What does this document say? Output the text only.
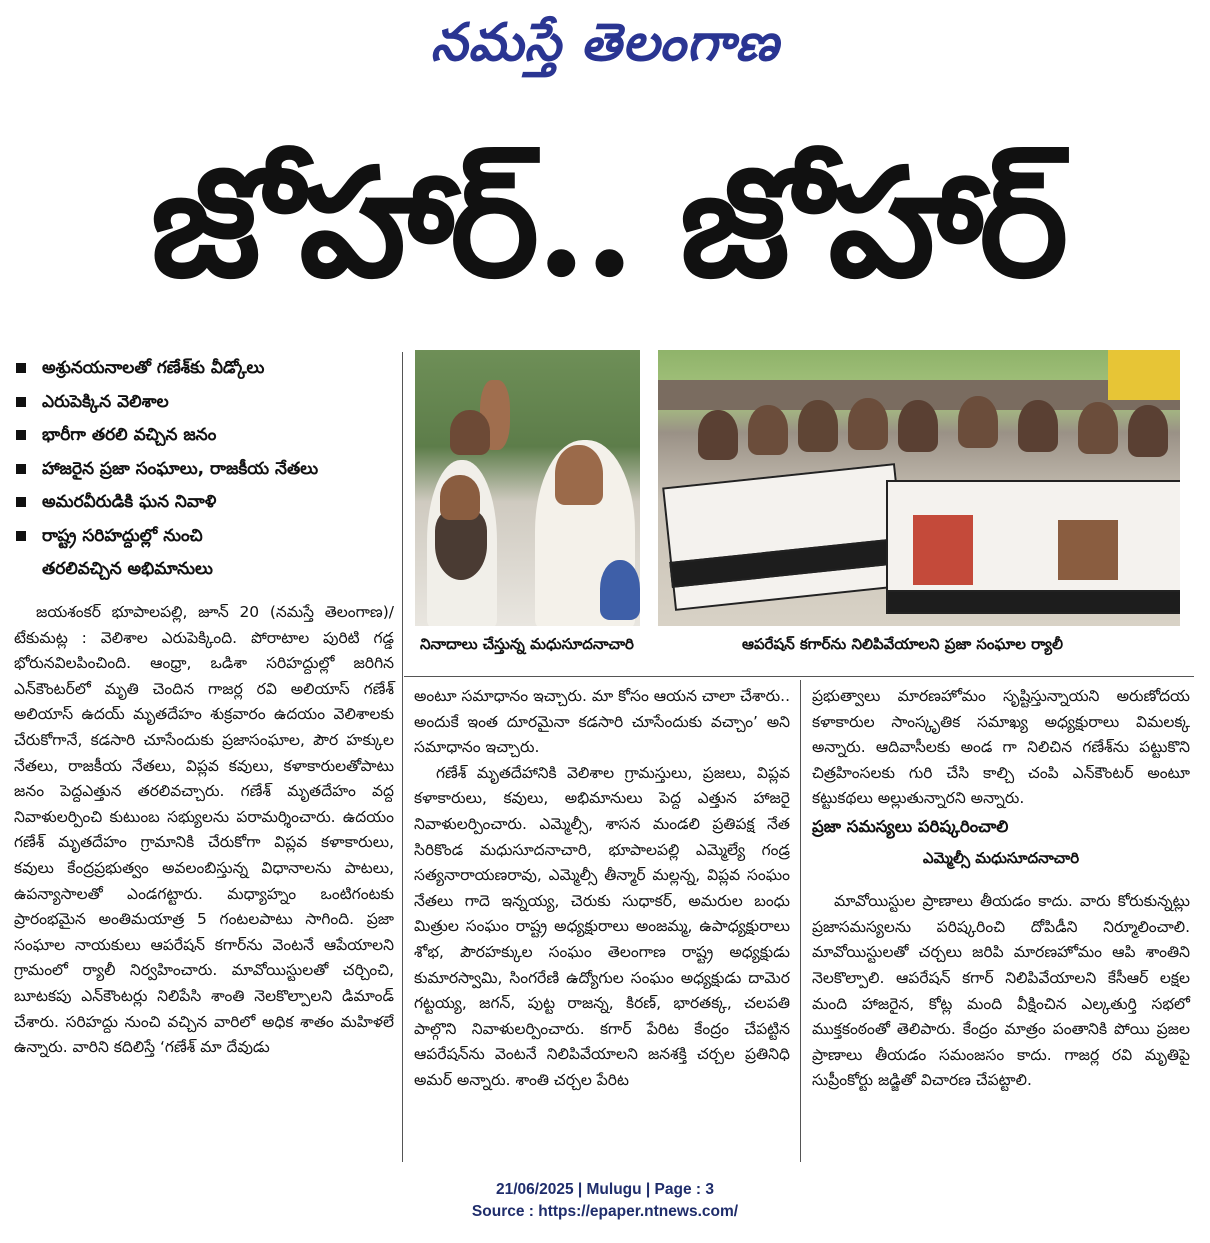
నమస్తే తెలంగాణ
జోహార్.. జోహార్
అశ్రునయనాలతో గణేశ్‌కు వీడ్కోలు
ఎరుపెక్కిన వెలిశాల
భారీగా తరలి వచ్చిన జనం
హాజరైన ప్రజా సంఘాలు, రాజకీయ నేతలు
అమరవీరుడికి ఘన నివాళి
రాష్ట్ర సరిహద్దుల్లో నుంచి
తరలివచ్చిన అభిమానులు
నినాదాలు చేస్తున్న మధుసూదనాచారి	ఆపరేషన్ కగార్‌ను నిలిపివేయాలని ప్రజా సంఘాల ర్యాలీ

జయశంకర్ భూపాలపల్లి, జూన్ 20 (నమస్తే తెలంగాణ)/టేకుమట్ల : వెలిశాల ఎరుపెక్కింది. పోరాటాల పురిటి గడ్డ భోరునవిలపించింది. ఆంధ్రా, ఒడిశా సరిహద్దుల్లో జరిగిన ఎన్‌కౌంటర్‌లో మృతి చెందిన గాజర్ల రవి అలియాస్ గణేశ్ అలియాస్ ఉదయ్ మృతదేహం శుక్రవారం ఉదయం వెలిశాలకు చేరుకోగానే, కడసారి చూసేందుకు ప్రజాసంఘాల, పౌర హక్కుల నేతలు, రాజకీయ నేతలు, విప్లవ కవులు, కళాకారులతోపాటు జనం పెద్దఎత్తున తరలివచ్చారు. గణేశ్ మృతదేహం వద్ద నివాళులర్పించి కుటుంబ సభ్యులను పరామర్శించారు. ఉదయం గణేశ్ మృతదేహం గ్రామానికి చేరుకోగా విప్లవ కళాకారులు, కవులు కేంద్రప్రభుత్వం అవలంబిస్తున్న విధానాలను పాటలు, ఉపన్యాసాలతో ఎండగట్టారు. మధ్యాహ్నం ఒంటిగంటకు ప్రారంభమైన అంతిమయాత్ర 5 గంటలపాటు సాగింది. ప్రజా సంఘాల నాయకులు ఆపరేషన్ కగార్‌ను వెంటనే ఆపేయాలని గ్రామంలో ర్యాలీ నిర్వహించారు. మావోయిస్టులతో చర్చించి, బూటకపు ఎన్‌కౌంటర్లు నిలిపేసి శాంతి నెలకొల్పాలని డిమాండ్ చేశారు. సరిహద్దు నుంచి వచ్చిన వారిలో అధిక శాతం మహిళలే ఉన్నారు. వారిని కదిలిస్తే ‘గణేశ్ మా దేవుడు

అంటూ సమాధానం ఇచ్చారు. మా కోసం ఆయన చాలా చేశారు.. అందుకే ఇంత దూరమైనా కడసారి చూసేందుకు వచ్చాం’ అని సమాధానం ఇచ్చారు.

గణేశ్ మృతదేహానికి వెలిశాల గ్రామస్తులు, ప్రజలు, విప్లవ కళాకారులు, కవులు, అభిమానులు పెద్ద ఎత్తున హాజరై నివాళులర్పించారు. ఎమ్మెల్సీ, శాసన మండలి ప్రతిపక్ష నేత సిరికొండ మధుసూదనాచారి, భూపాలపల్లి ఎమ్మెల్యే గండ్ర సత్యనారాయణరావు, ఎమ్మెల్సీ తీన్మార్ మల్లన్న, విప్లవ సంఘం నేతలు గాదె ఇన్నయ్య, చెరుకు సుధాకర్, అమరుల బంధు మిత్రుల సంఘం రాష్ట్ర అధ్యక్షురాలు అంజమ్మ, ఉపాధ్యక్షురాలు శోభ, పౌరహక్కుల సంఘం తెలంగాణ రాష్ట్ర అధ్యక్షుడు కుమారస్వామి, సింగరేణి ఉద్యోగుల సంఘం అధ్యక్షుడు దామెర గట్టయ్య, జగన్, పుట్ట రాజన్న, కిరణ్, భారతక్క, చలపతి పాల్గొని నివాళులర్పించారు. కగార్ పేరిట కేంద్రం చేపట్టిన ఆపరేషన్‌ను వెంటనే నిలిపివేయాలని జనశక్తి చర్చల ప్రతినిధి అమర్ అన్నారు. శాంతి చర్చల పేరిట

ప్రభుత్వాలు మారణహోమం సృష్టిస్తున్నాయని అరుణోదయ కళాకారుల సాంస్కృతిక సమాఖ్య అధ్యక్షురాలు విమలక్క అన్నారు. ఆదివాసీలకు అండ గా నిలిచిన గణేశ్‌ను పట్టుకొని చిత్రహింసలకు గురి చేసి కాల్చి చంపి ఎన్‌కౌంటర్ అంటూ కట్టుకథలు అల్లుతున్నారని అన్నారు.

ప్రజా సమస్యలు పరిష్కరించాలి

ఎమ్మెల్సీ మధుసూదనాచారి

మావోయిస్టుల ప్రాణాలు తీయడం కాదు. వారు కోరుకున్నట్లు ప్రజాసమస్యలను పరిష్కరించి దోపిడీని నిర్మూలించాలి. మావోయిస్టులతో చర్చలు జరిపి మారణహోమం ఆపి శాంతిని నెలకొల్పాలి. ఆపరేషన్ కగార్ నిలిపివేయాలని కేసీఆర్ లక్షల మంది హాజరైన, కోట్ల మంది వీక్షించిన ఎల్కతుర్తి సభలో ముక్తకంఠంతో తెలిపారు. కేంద్రం మాత్రం పంతానికి పోయి ప్రజల ప్రాణాలు తీయడం సమంజసం కాదు. గాజర్ల రవి మృతిపై సుప్రీంకోర్టు జడ్జితో విచారణ చేపట్టాలి.

21/06/2025 | Mulugu | Page : 3
Source : https://epaper.ntnews.com/
